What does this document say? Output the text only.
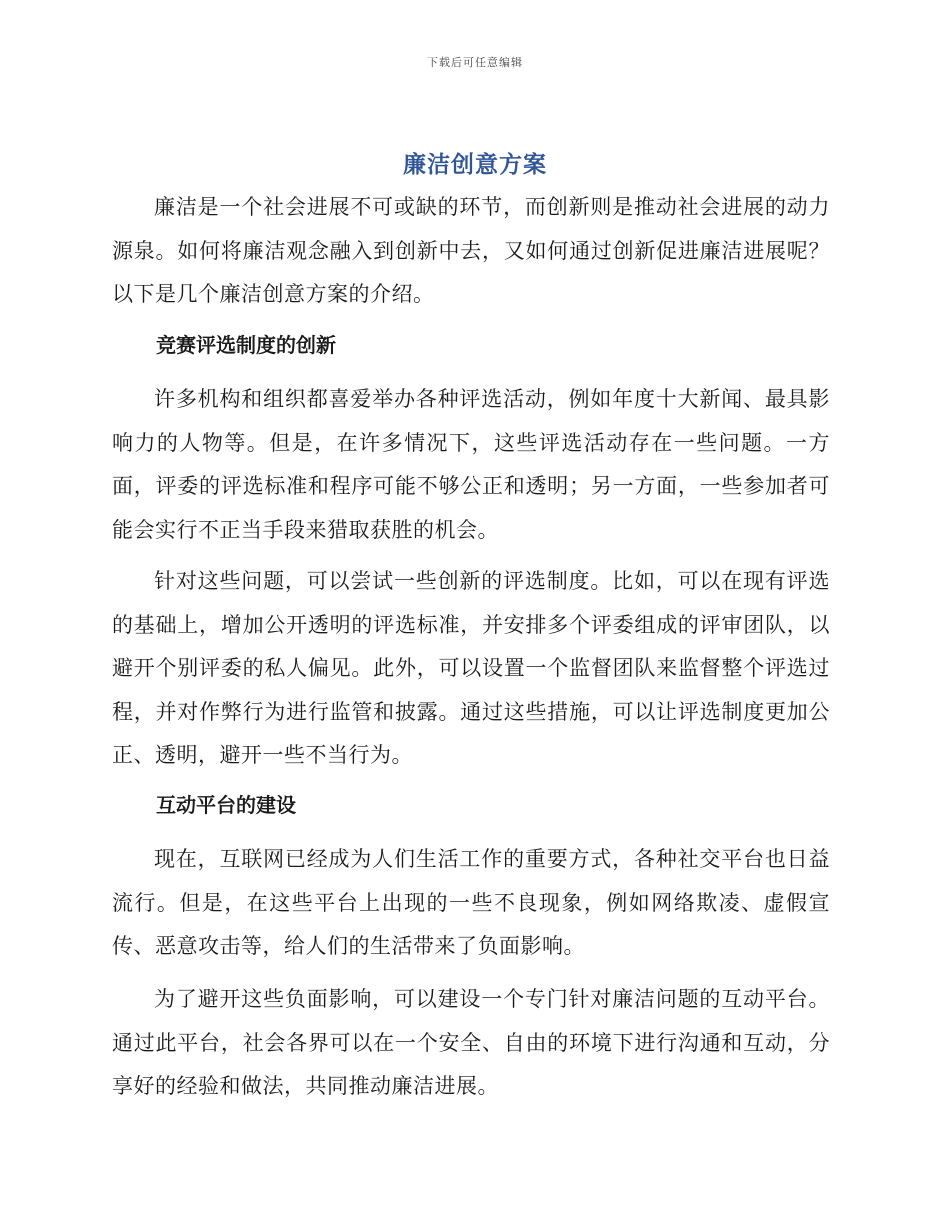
下载后可任意编辑
廉洁创意方案

廉洁是一个社会进展不可或缺的环节，而创新则是推动社会进展的动力源泉。如何将廉洁观念融入到创新中去，又如何通过创新促进廉洁进展呢？以下是几个廉洁创意方案的介绍。

竞赛评选制度的创新

许多机构和组织都喜爱举办各种评选活动，例如年度十大新闻、最具影响力的人物等。但是，在许多情况下，这些评选活动存在一些问题。一方面，评委的评选标准和程序可能不够公正和透明；另一方面，一些参加者可能会实行不正当手段来猎取获胜的机会。

针对这些问题，可以尝试一些创新的评选制度。比如，可以在现有评选的基础上，增加公开透明的评选标准，并安排多个评委组成的评审团队，以避开个别评委的私人偏见。此外，可以设置一个监督团队来监督整个评选过程，并对作弊行为进行监管和披露。通过这些措施，可以让评选制度更加公正、透明，避开一些不当行为。

互动平台的建设

现在，互联网已经成为人们生活工作的重要方式，各种社交平台也日益流行。但是，在这些平台上出现的一些不良现象，例如网络欺凌、虚假宣传、恶意攻击等，给人们的生活带来了负面影响。

为了避开这些负面影响，可以建设一个专门针对廉洁问题的互动平台。通过此平台，社会各界可以在一个安全、自由的环境下进行沟通和互动，分享好的经验和做法，共同推动廉洁进展。
